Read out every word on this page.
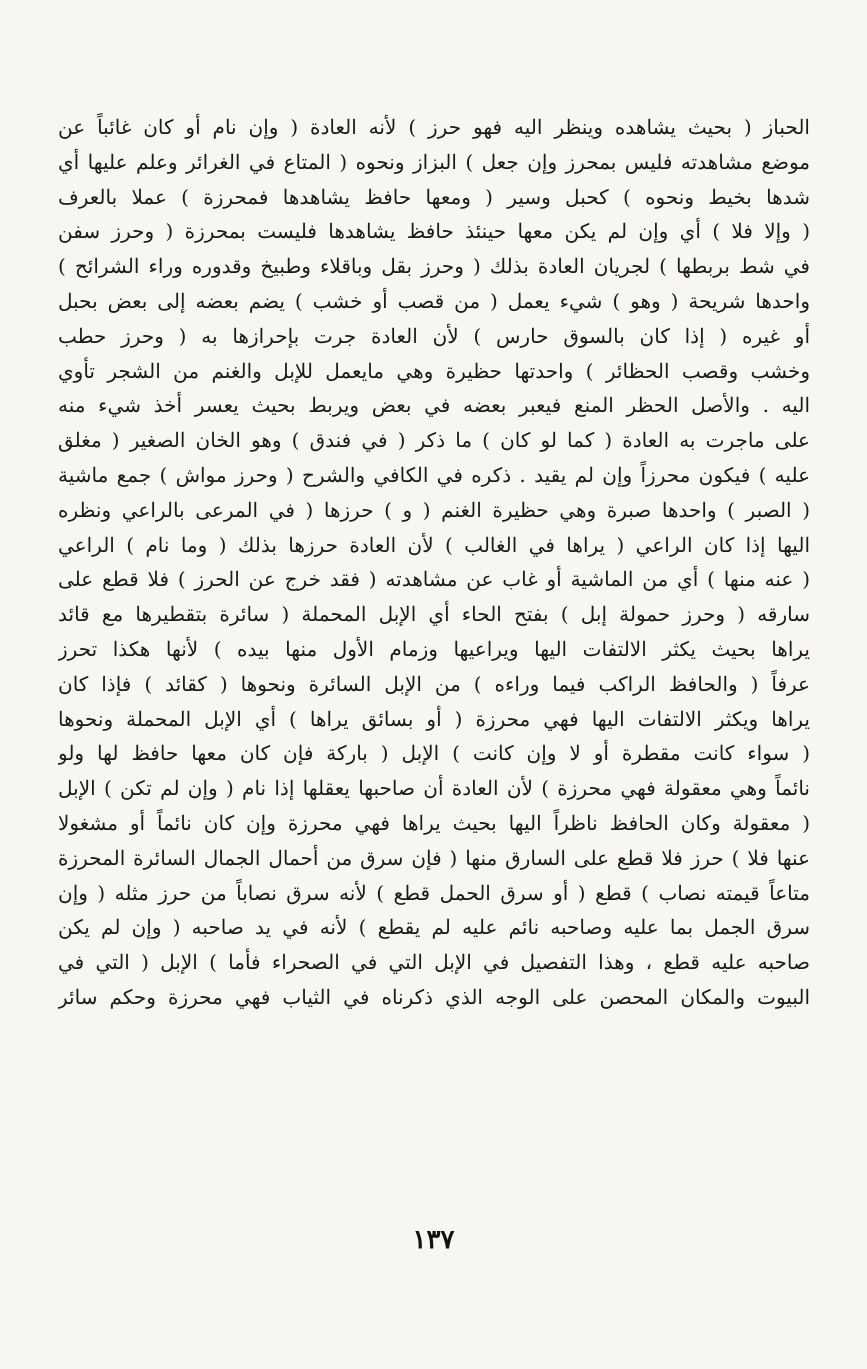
الحباز ( بحيث يشاهده وينظر اليه فهو حرز ) لأنه العادة ( وإن نام أو كان غائباً عن
موضع مشاهدته فليس بمحرز وإن جعل ) البزاز ونحوه ( المتاع في الغرائر وعلم عليها أي
شدها بخيط ونحوه ) كحبل وسير ( ومعها حافظ يشاهدها فمحرزة ) عملا بالعرف
( وإلا فلا ) أي وإن لم يكن معها حينئذ حافظ يشاهدها فليست بمحرزة ( وحرز سفن
في شط بربطها ) لجريان العادة بذلك ( وحرز بقل وباقلاء وطبيخ وقدوره وراء الشرائح )
واحدها شريحة ( وهو ) شيء يعمل ( من قصب أو خشب ) يضم بعضه إلى بعض بحبل
أو غيره ( إذا كان بالسوق حارس ) لأن العادة جرت بإحرازها به ( وحرز حطب
وخشب وقصب الحظائر ) واحدتها حظيرة وهي مايعمل للإبل والغنم من الشجر تأوي
اليه . والأصل الحظر المنع فيعبر بعضه في بعض ويربط بحيث يعسر أخذ شيء منه
على ماجرت به العادة ( كما لو كان ) ما ذكر ( في فندق ) وهو الخان الصغير ( مغلق
عليه ) فيكون محرزاً وإن لم يقيد . ذكره في الكافي والشرح ( وحرز مواش ) جمع ماشية
( الصبر ) واحدها صبرة وهي حظيرة الغنم ( و ) حرزها ( في المرعى بالراعي ونظره
اليها إذا كان الراعي ( يراها في الغالب ) لأن العادة حرزها بذلك ( وما نام ) الراعي
( عنه منها ) أي من الماشية أو غاب عن مشاهدته ( فقد خرج عن الحرز ) فلا قطع على
سارقه ( وحرز حمولة إبل ) بفتح الحاء أي الإبل المحملة ( سائرة بتقطيرها مع قائد
يراها بحيث يكثر الالتفات اليها ويراعيها وزمام الأول منها بيده ) لأنها هكذا تحرز
عرفاً ( والحافظ الراكب فيما وراءه ) من الإبل السائرة ونحوها ( كقائد ) فإذا كان
يراها ويكثر الالتفات اليها فهي محرزة ( أو بسائق يراها ) أي الإبل المحملة ونحوها
( سواء كانت مقطرة أو لا وإن كانت ) الإبل ( باركة فإن كان معها حافظ لها ولو
نائماً وهي معقولة فهي محرزة ) لأن العادة أن صاحبها يعقلها إذا نام ( وإن لم تكن ) الإبل
( معقولة وكان الحافظ ناظراً اليها بحيث يراها فهي محرزة وإن كان نائماً أو مشغولا
عنها فلا ) حرز فلا قطع على السارق منها ( فإن سرق من أحمال الجمال السائرة المحرزة
متاعاً قيمته نصاب ) قطع ( أو سرق الحمل قطع ) لأنه سرق نصاباً من حرز مثله ( وإن
سرق الجمل بما عليه وصاحبه نائم عليه لم يقطع ) لأنه في يد صاحبه ( وإن لم يكن
صاحبه عليه قطع ، وهذا التفصيل في الإبل التي في الصحراء فأما ) الإبل ( التي في
البيوت والمكان المحصن على الوجه الذي ذكرناه في الثياب فهي محرزة وحكم سائر
١٣٧
